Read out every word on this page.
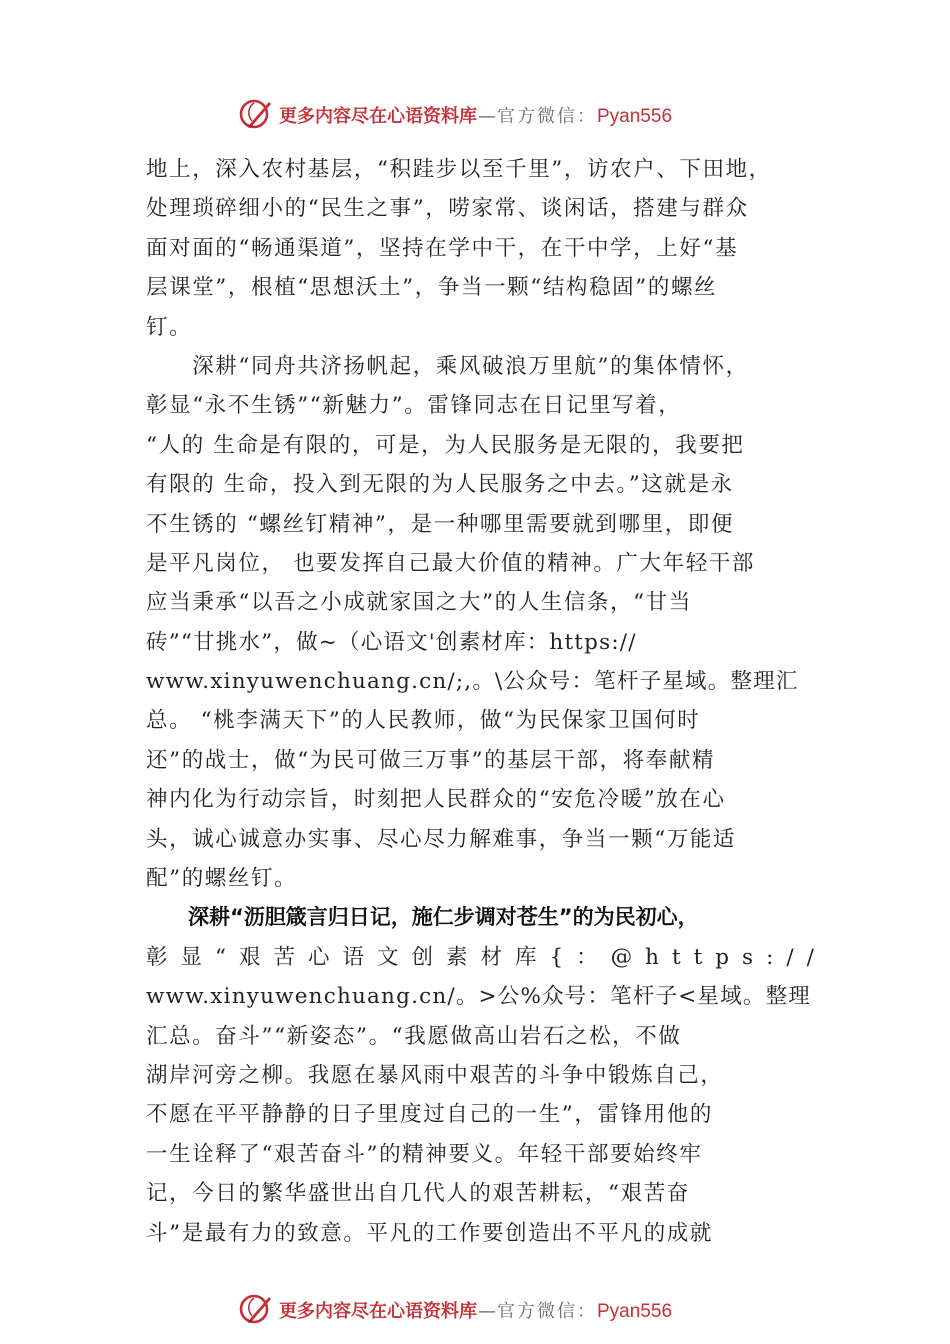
更多内容尽在心语资料库—官方微信：Pyan556
地上，深入农村基层，“积跬步以至千里”，访农户、下田地，
处理琐碎细小的“民生之事”，唠家常、谈闲话，搭建与群众
面对面的“畅通渠道”，坚持在学中干，在干中学，上好“基
层课堂”，根植“思想沃土”，争当一颗“结构稳固”的螺丝
钉。
　　深耕“同舟共济扬帆起，乘风破浪万里航”的集体情怀，
彰显“永不生锈”“新魅力”。雷锋同志在日记里写着，
“人的 生命是有限的，可是，为人民服务是无限的，我要把
有限的 生命，投入到无限的为人民服务之中去。”这就是永
不生锈的 “螺丝钉精神”，是一种哪里需要就到哪里，即便
是平凡岗位， 也要发挥自己最大价值的精神。广大年轻干部
应当秉承“以吾之小成就家国之大”的人生信条，“甘当
砖”“甘挑水”，做~（心语文'创素材库：https://
www.xinyuwenchuang.cn/;,。\公众号：笔杆子星域。整理汇
总。 “桃李满天下”的人民教师，做“为民保家卫国何时
还”的战士，做“为民可做三万事”的基层干部，将奉献精
神内化为行动宗旨，时刻把人民群众的“安危冷暖”放在心
头，诚心诚意办实事、尽心尽力解难事，争当一颗“万能适
配”的螺丝钉。
　　深耕“沥胆箴言归日记，施仁步调对苍生”的为民初心，
彰显“艰苦心语文创素材库{：@https://
www.xinyuwenchuang.cn/。>公%众号：笔杆子<星域。整理
汇总。奋斗”“新姿态”。“我愿做高山岩石之松，不做
湖岸河旁之柳。我愿在暴风雨中艰苦的斗争中锻炼自己，
不愿在平平静静的日子里度过自己的一生”，雷锋用他的
一生诠释了“艰苦奋斗”的精神要义。年轻干部要始终牢
记，今日的繁华盛世出自几代人的艰苦耕耘，“艰苦奋
斗”是最有力的致意。平凡的工作要创造出不平凡的成就
更多内容尽在心语资料库—官方微信：Pyan556
